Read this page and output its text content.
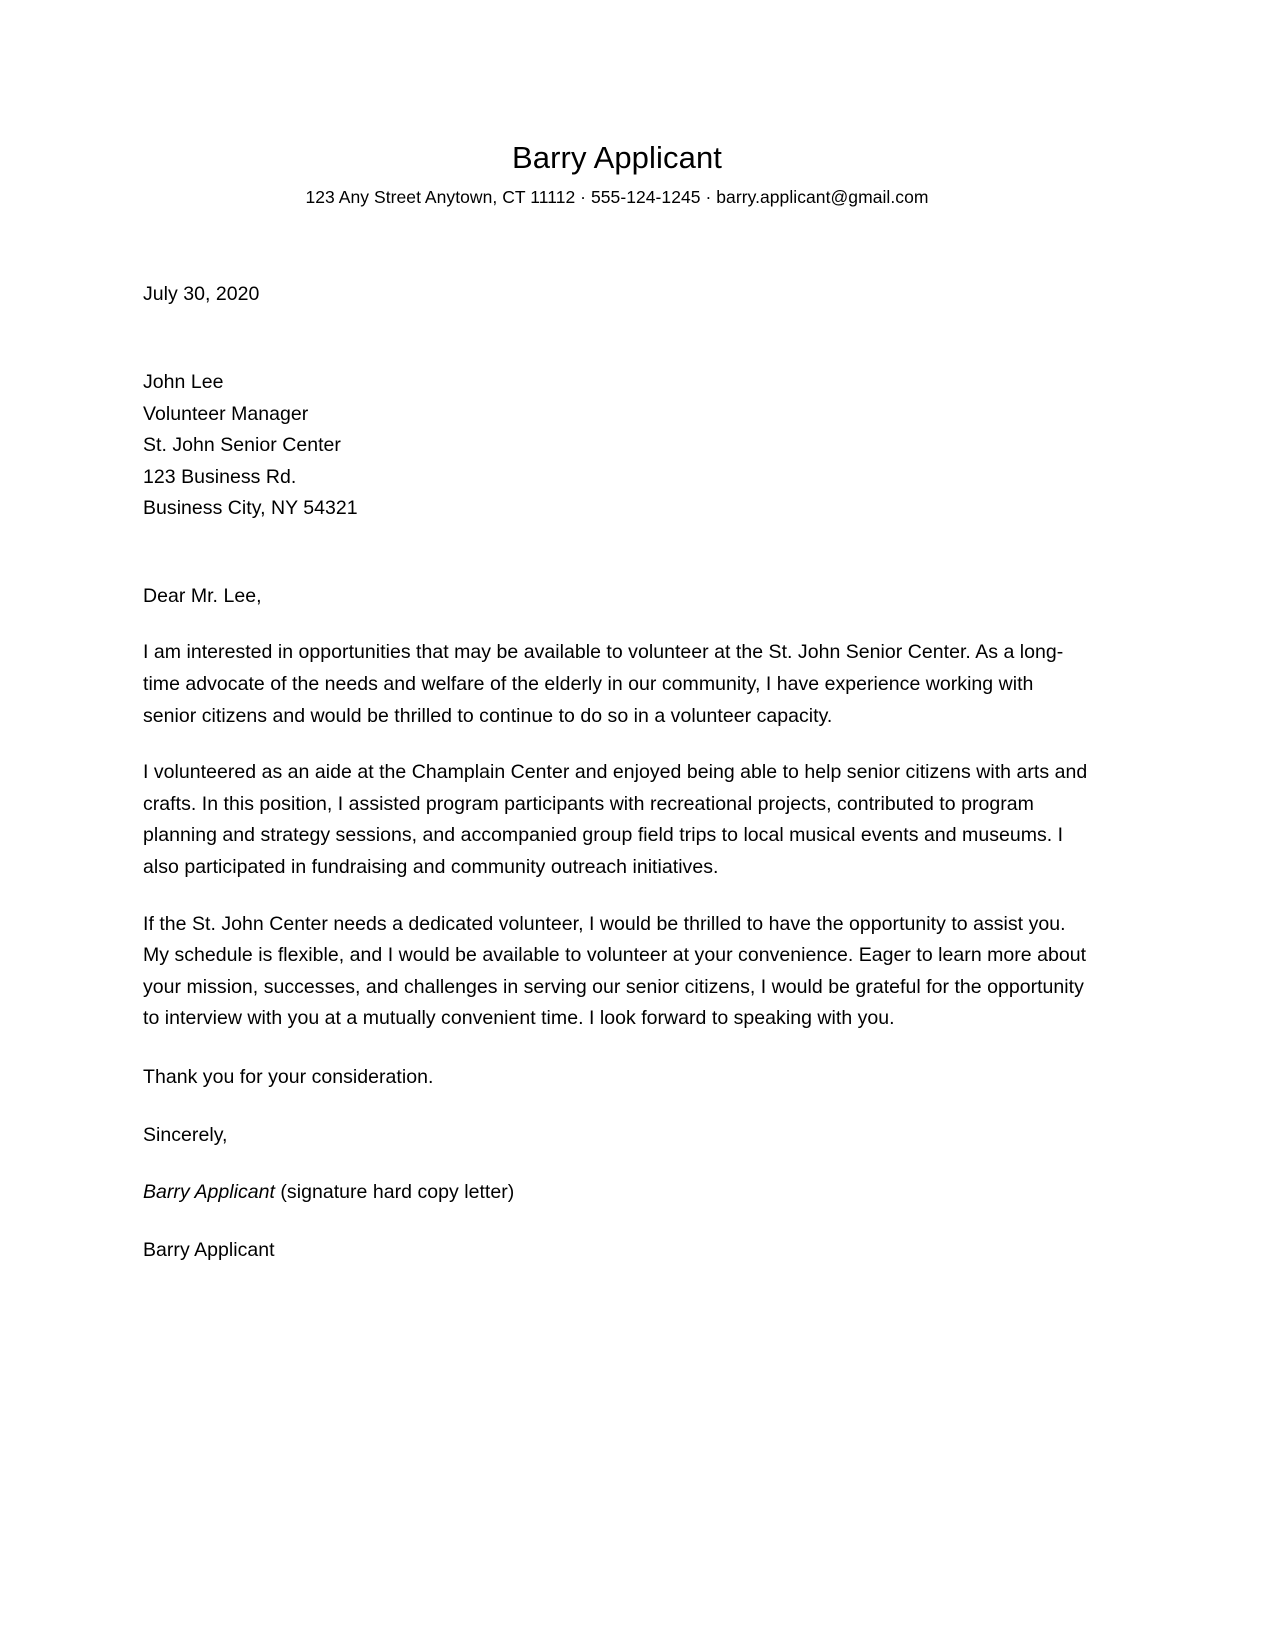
Barry Applicant

123 Any Street Anytown, CT 11112 · 555-124-1245 · barry.applicant@gmail.com

July 30, 2020

John Lee
Volunteer Manager
St. John Senior Center
123 Business Rd.
Business City, NY 54321

Dear Mr. Lee,

I am interested in opportunities that may be available to volunteer at the St. John Senior Center. As a long-time advocate of the needs and welfare of the elderly in our community, I have experience working with senior citizens and would be thrilled to continue to do so in a volunteer capacity.

I volunteered as an aide at the Champlain Center and enjoyed being able to help senior citizens with arts and crafts. In this position, I assisted program participants with recreational projects, contributed to program planning and strategy sessions, and accompanied group field trips to local musical events and museums. I also participated in fundraising and community outreach initiatives.

If the St. John Center needs a dedicated volunteer, I would be thrilled to have the opportunity to assist you. My schedule is flexible, and I would be available to volunteer at your convenience. Eager to learn more about your mission, successes, and challenges in serving our senior citizens, I would be grateful for the opportunity to interview with you at a mutually convenient time. I look forward to speaking with you.

Thank you for your consideration.

Sincerely,

Barry Applicant (signature hard copy letter)

Barry Applicant
